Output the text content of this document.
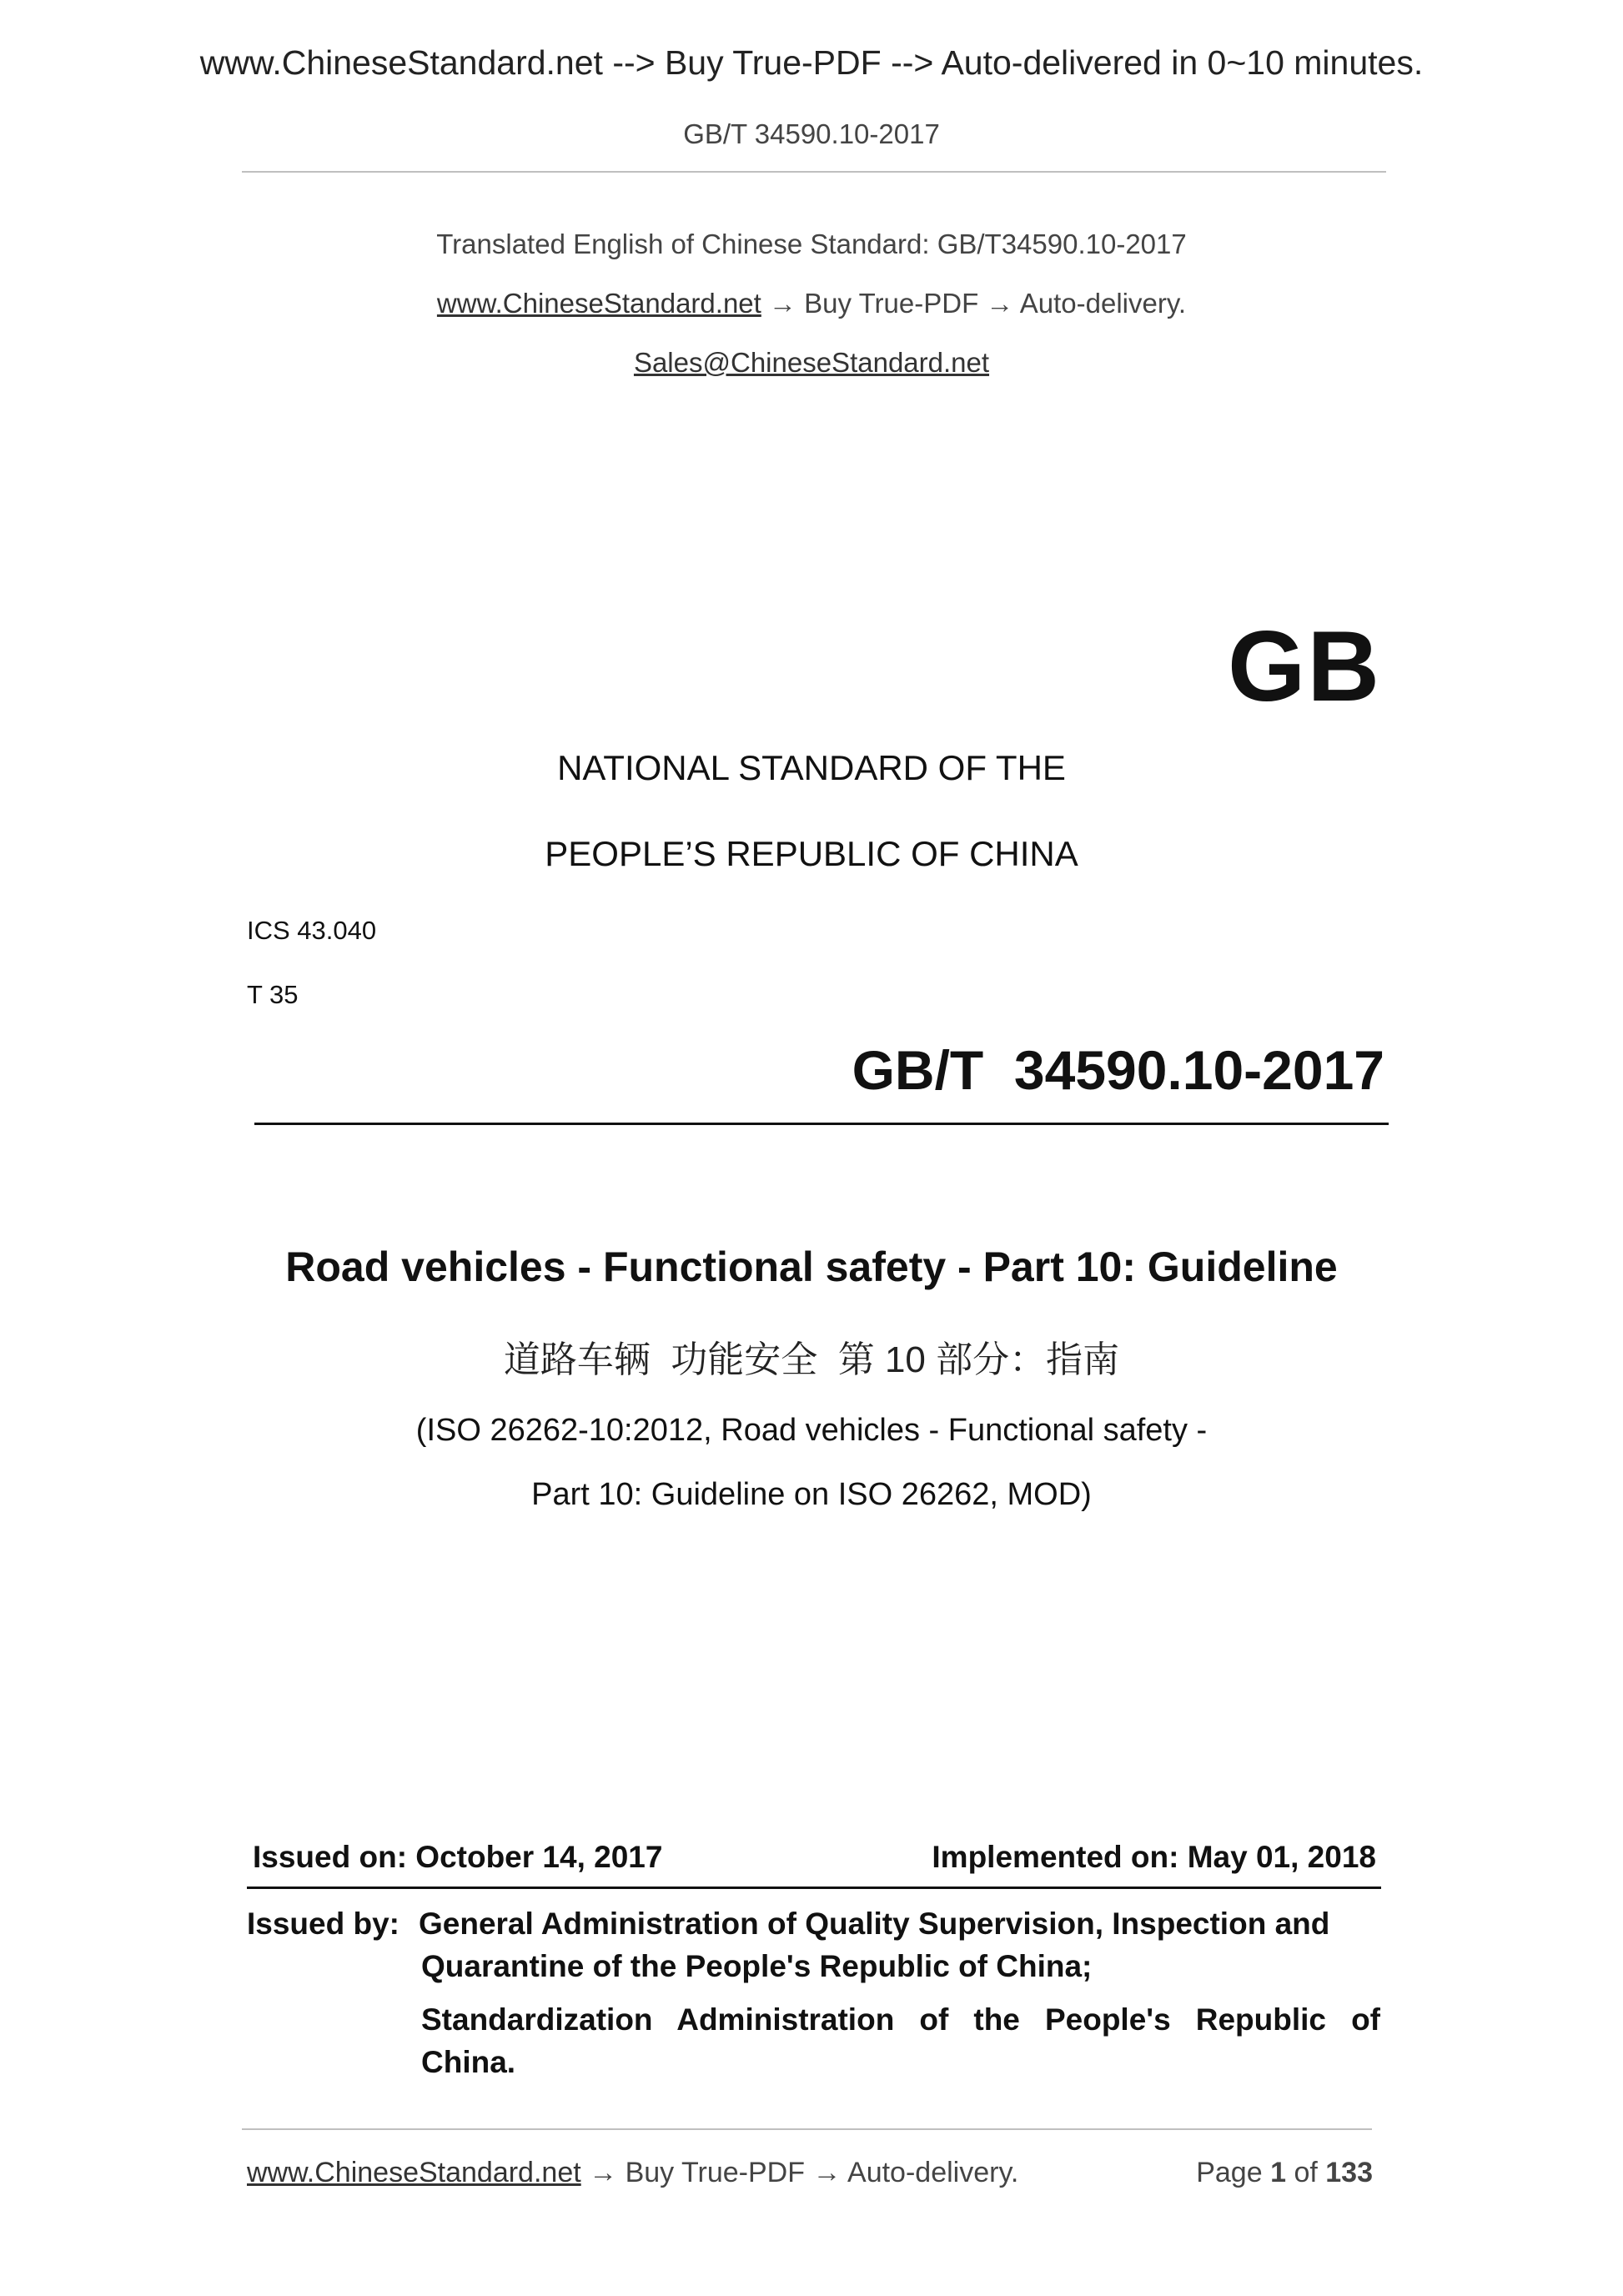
www.ChineseStandard.net --> Buy True-PDF --> Auto-delivered in 0~10 minutes.
GB/T 34590.10-2017
Translated English of Chinese Standard: GB/T34590.10-2017
www.ChineseStandard.net → Buy True-PDF → Auto-delivery.
Sales@ChineseStandard.net
GB
NATIONAL STANDARD OF THE
PEOPLE’S REPUBLIC OF CHINA
ICS 43.040
T 35
GB/T  34590.10-2017
Road vehicles - Functional safety - Part 10: Guideline
道路车辆  功能安全  第 10 部分：指南
(ISO 26262-10:2012, Road vehicles - Functional safety -
Part 10: Guideline on ISO 26262, MOD)
Issued on: October 14, 2017	Implemented on: May 01, 2018
Issued by: General Administration of Quality Supervision, Inspection and
Quarantine of the People's Republic of China;
Standardization Administration of the People's Republic of
China.
www.ChineseStandard.net → Buy True-PDF → Auto-delivery.	Page 1 of 133
